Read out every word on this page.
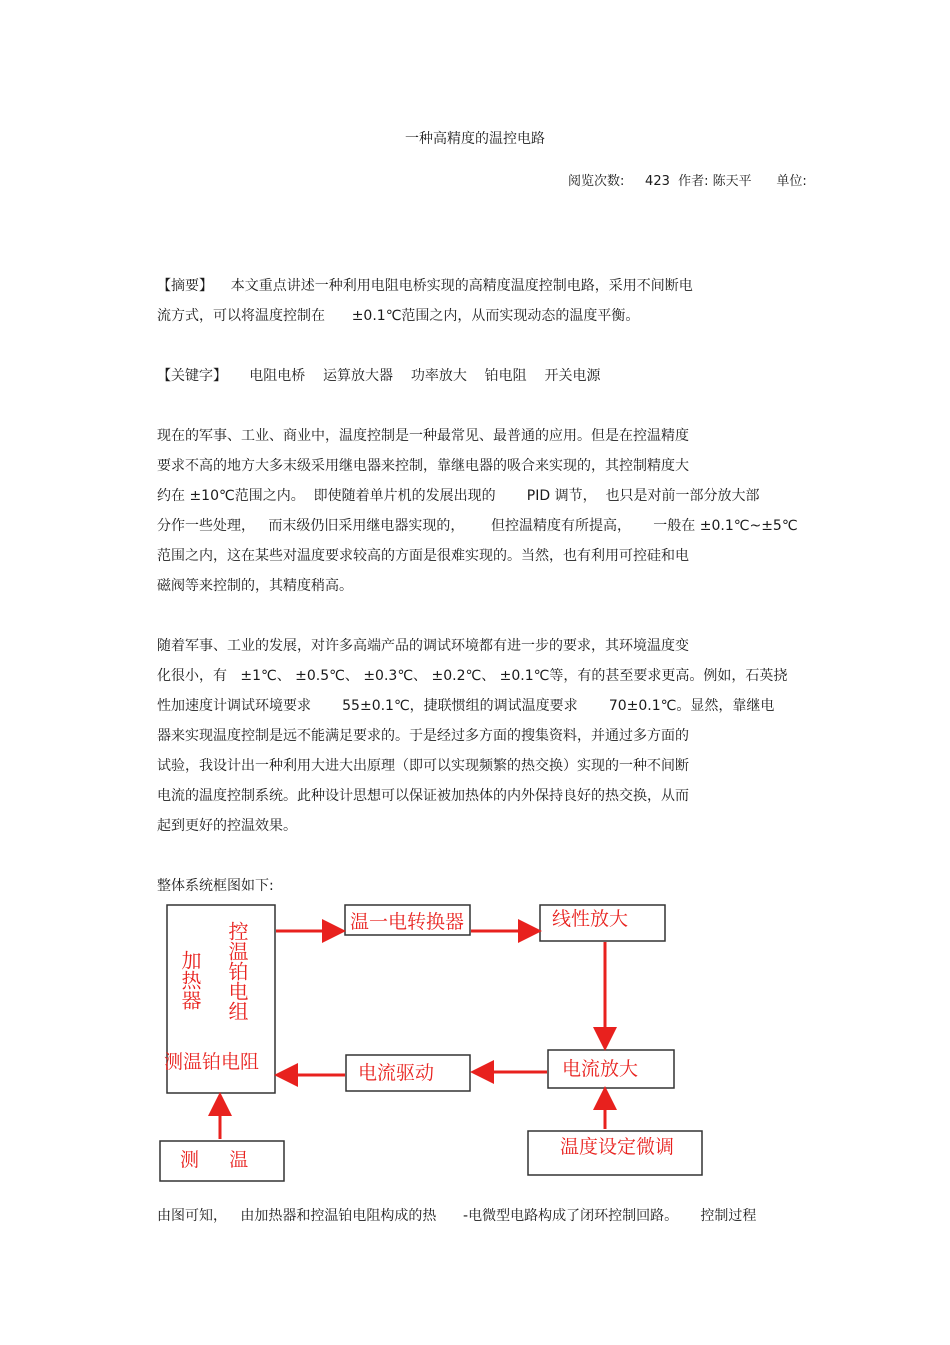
一种高精度的温控电路
阅览次数:     423  作者: 陈天平      单位:
【摘要】    本文重点讲述一种利用电阻电桥实现的高精度温度控制电路，采用不间断电
流方式，可以将温度控制在      ±0.1℃范围之内，从而实现动态的温度平衡。
【关键字】     电阻电桥    运算放大器    功率放大    铂电阻    开关电源
现在的军事、工业、商业中，温度控制是一种最常见、最普通的应用。但是在控温精度
要求不高的地方大多末级采用继电器来控制，靠继电器的吸合来实现的，其控制精度大
约在 ±10℃范围之内。  即使随着单片机的发展出现的       PID 调节，  也只是对前一部分放大部
分作一些处理，   而末级仍旧采用继电器实现的，      但控温精度有所提高，     一般在 ±0.1℃~±5℃
范围之内，这在某些对温度要求较高的方面是很难实现的。当然，也有利用可控硅和电
磁阀等来控制的，其精度稍高。
随着军事、工业的发展，对许多高端产品的调试环境都有进一步的要求，其环境温度变
化很小，有   ±1℃、 ±0.5℃、 ±0.3℃、 ±0.2℃、 ±0.1℃等，有的甚至要求更高。例如，石英挠
性加速度计调试环境要求       55±0.1℃，捷联惯组的调试温度要求       70±0.1℃。显然，靠继电
器来实现温度控制是远不能满足要求的。于是经过多方面的搜集资料，并通过多方面的
试验，我设计出一种利用大进大出原理（即可以实现频繁的热交换）实现的一种不间断
电流的温度控制系统。此种设计思想可以保证被加热体的内外保持良好的热交换，从而
起到更好的控温效果。
整体系统框图如下:
加热器 控温铂电组
测温铂电阻
温一电转换器	线性放大
电流放大
电流驱动
测     温
温度设定微调
由图可知，   由加热器和控温铂电阻构成的热      -电微型电路构成了闭环控制回路。     控制过程
